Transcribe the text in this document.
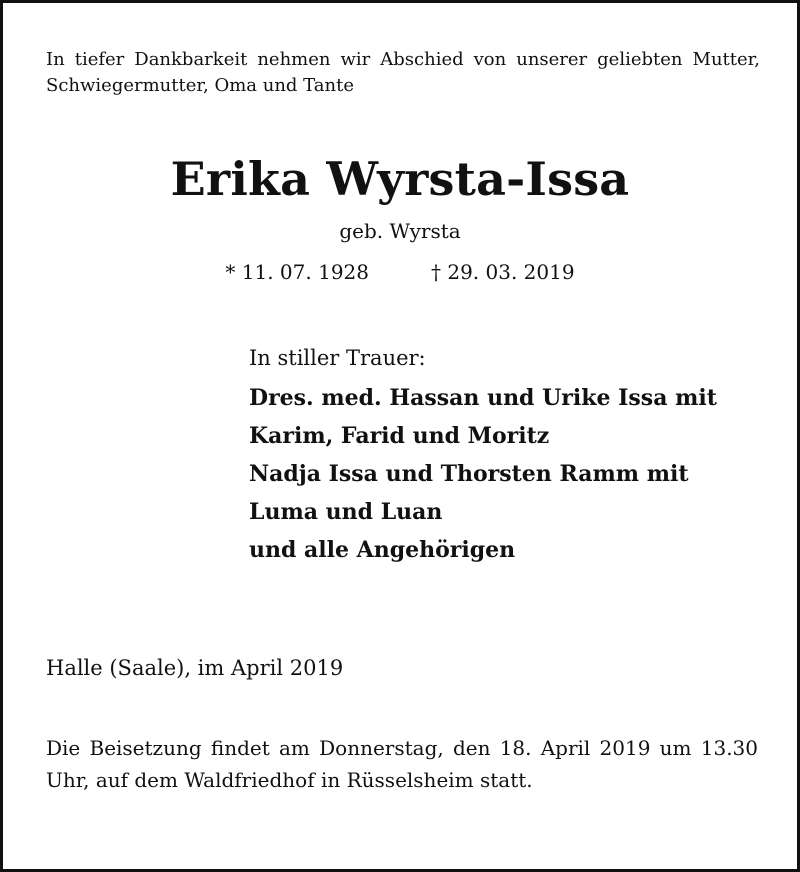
In tiefer Dankbarkeit nehmen wir Abschied von unserer geliebten Mutter, Schwiegermutter, Oma und Tante
Erika Wyrsta-Issa
geb. Wyrsta
* 11. 07. 1928	† 29. 03. 2019
In stiller Trauer:
Dres. med. Hassan und Urike Issa mit
Karim, Farid und Moritz
Nadja Issa und Thorsten Ramm mit
Luma und Luan
und alle Angehörigen
Halle (Saale), im April 2019
Die Beisetzung findet am Donnerstag, den 18. April 2019 um 13.30 Uhr, auf dem Waldfriedhof in Rüsselsheim statt.
